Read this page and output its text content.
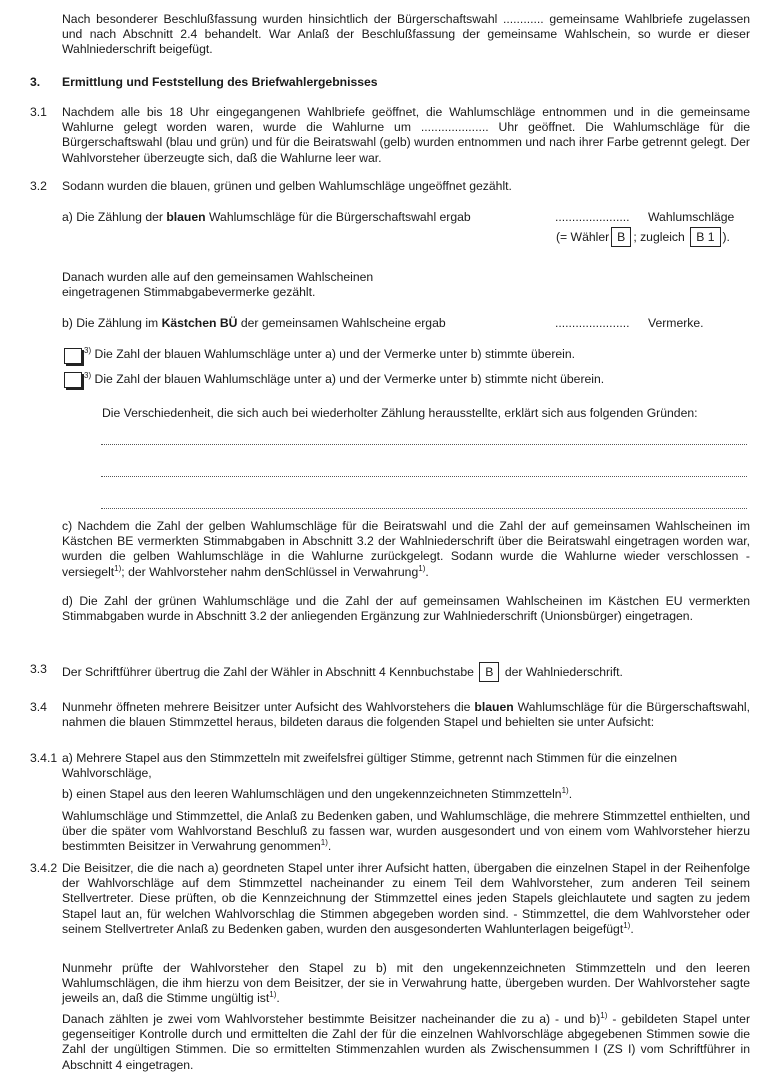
Nach besonderer Beschlußfassung wurden hinsichtlich der Bürgerschaftswahl ............ gemeinsame Wahlbriefe zugelassen und nach Abschnitt 2.4 behandelt. War Anlaß der Beschlußfassung der gemeinsame Wahlschein, so wurde er dieser Wahlniederschrift beigefügt.
3. Ermittlung und Feststellung des Briefwahlergebnisses
3.1 Nachdem alle bis 18 Uhr eingegangenen Wahlbriefe geöffnet, die Wahlumschläge entnommen und in die gemeinsame Wahlurne gelegt worden waren, wurde die Wahlurne um .................... Uhr geöffnet. Die Wahlumschläge für die Bürgerschaftswahl (blau und grün) und für die Beiratswahl (gelb) wurden entnommen und nach ihrer Farbe getrennt gelegt. Der Wahlvorsteher überzeugte sich, daß die Wahlurne leer war.
3.2 Sodann wurden die blauen, grünen und gelben Wahlumschläge ungeöffnet gezählt.
a) Die Zählung der blauen Wahlumschläge für die Bürgerschaftswahl ergab	...................... Wahlumschläge
(= Wähler B ; zugleich B 1 ).
Danach wurden alle auf den gemeinsamen Wahlscheinen eingetragenen Stimmabgabevermerke gezählt.
b) Die Zählung im Kästchen BÜ der gemeinsamen Wahlscheine ergab	...................... Vermerke.
$^{3)}$ Die Zahl der blauen Wahlumschläge unter a) und der Vermerke unter b) stimmte überein.
$^{3)}$ Die Zahl der blauen Wahlumschläge unter a) und der Vermerke unter b) stimmte nicht überein.
Die Verschiedenheit, die sich auch bei wiederholter Zählung herausstellte, erklärt sich aus folgenden Gründen:
c) Nachdem die Zahl der gelben Wahlumschläge für die Beiratswahl und die Zahl der auf gemeinsamen Wahlscheinen im Kästchen BE vermerkten Stimmabgaben in Abschnitt 3.2 der Wahlniederschrift über die Beiratswahl eingetragen worden war, wurden die gelben Wahlumschläge in die Wahlurne zurückgelegt. Sodann wurde die Wahlurne wieder verschlossen - versiegelt$^{1)}$; der Wahlvorsteher nahm denSchlüssel in Verwahrung$^{1)}$.
d) Die Zahl der grünen Wahlumschläge und die Zahl der auf gemeinsamen Wahlscheinen im Kästchen EU vermerkten Stimmabgaben wurde in Abschnitt 3.2 der anliegenden Ergänzung zur Wahlniederschrift (Unionsbürger) eingetragen.
3.3 Der Schriftführer übertrug die Zahl der Wähler in Abschnitt 4 Kennbuchstabe B der Wahlniederschrift.
3.4 Nunmehr öffneten mehrere Beisitzer unter Aufsicht des Wahlvorstehers die blauen Wahlumschläge für die Bürgerschaftswahl, nahmen die blauen Stimmzettel heraus, bildeten daraus die folgenden Stapel und behielten sie unter Aufsicht:
3.4.1 a) Mehrere Stapel aus den Stimmzetteln mit zweifelsfrei gültiger Stimme, getrennt nach Stimmen für die einzelnen Wahlvorschläge,
b) einen Stapel aus den leeren Wahlumschlägen und den ungekennzeichneten Stimmzetteln$^{1)}$.
Wahlumschläge und Stimmzettel, die Anlaß zu Bedenken gaben, und Wahlumschläge, die mehrere Stimmzettel enthielten, und über die später vom Wahlvorstand Beschluß zu fassen war, wurden ausgesondert und von einem vom Wahlvorsteher hierzu bestimmten Beisitzer in Verwahrung genommen$^{1)}$.
3.4.2 Die Beisitzer, die die nach a) geordneten Stapel unter ihrer Aufsicht hatten, übergaben die einzelnen Stapel in der Reihenfolge der Wahlvorschläge auf dem Stimmzettel nacheinander zu einem Teil dem Wahlvorsteher, zum anderen Teil seinem Stellvertreter. Diese prüften, ob die Kennzeichnung der Stimmzettel eines jeden Stapels gleichlautete und sagten zu jedem Stapel laut an, für welchen Wahlvorschlag die Stimmen abgegeben worden sind. - Stimmzettel, die dem Wahlvorsteher oder seinem Stellvertreter Anlaß zu Bedenken gaben, wurden den ausgesonderten Wahlunterlagen beigefügt$^{1)}$.
Nunmehr prüfte der Wahlvorsteher den Stapel zu b) mit den ungekennzeichneten Stimmzetteln und den leeren Wahlumschlägen, die ihm hierzu von dem Beisitzer, der sie in Verwahrung hatte, übergeben wurden. Der Wahlvorsteher sagte jeweils an, daß die Stimme ungültig ist$^{1)}$.
Danach zählten je zwei vom Wahlvorsteher bestimmte Beisitzer nacheinander die zu a) - und b)$^{1)}$ - gebildeten Stapel unter gegenseitiger Kontrolle durch und ermittelten die Zahl der für die einzelnen Wahlvorschläge abgegebenen Stimmen sowie die Zahl der ungültigen Stimmen. Die so ermittelten Stimmenzahlen wurden als Zwischensummen I (ZS I) vom Schriftführer in Abschnitt 4 eingetragen.
